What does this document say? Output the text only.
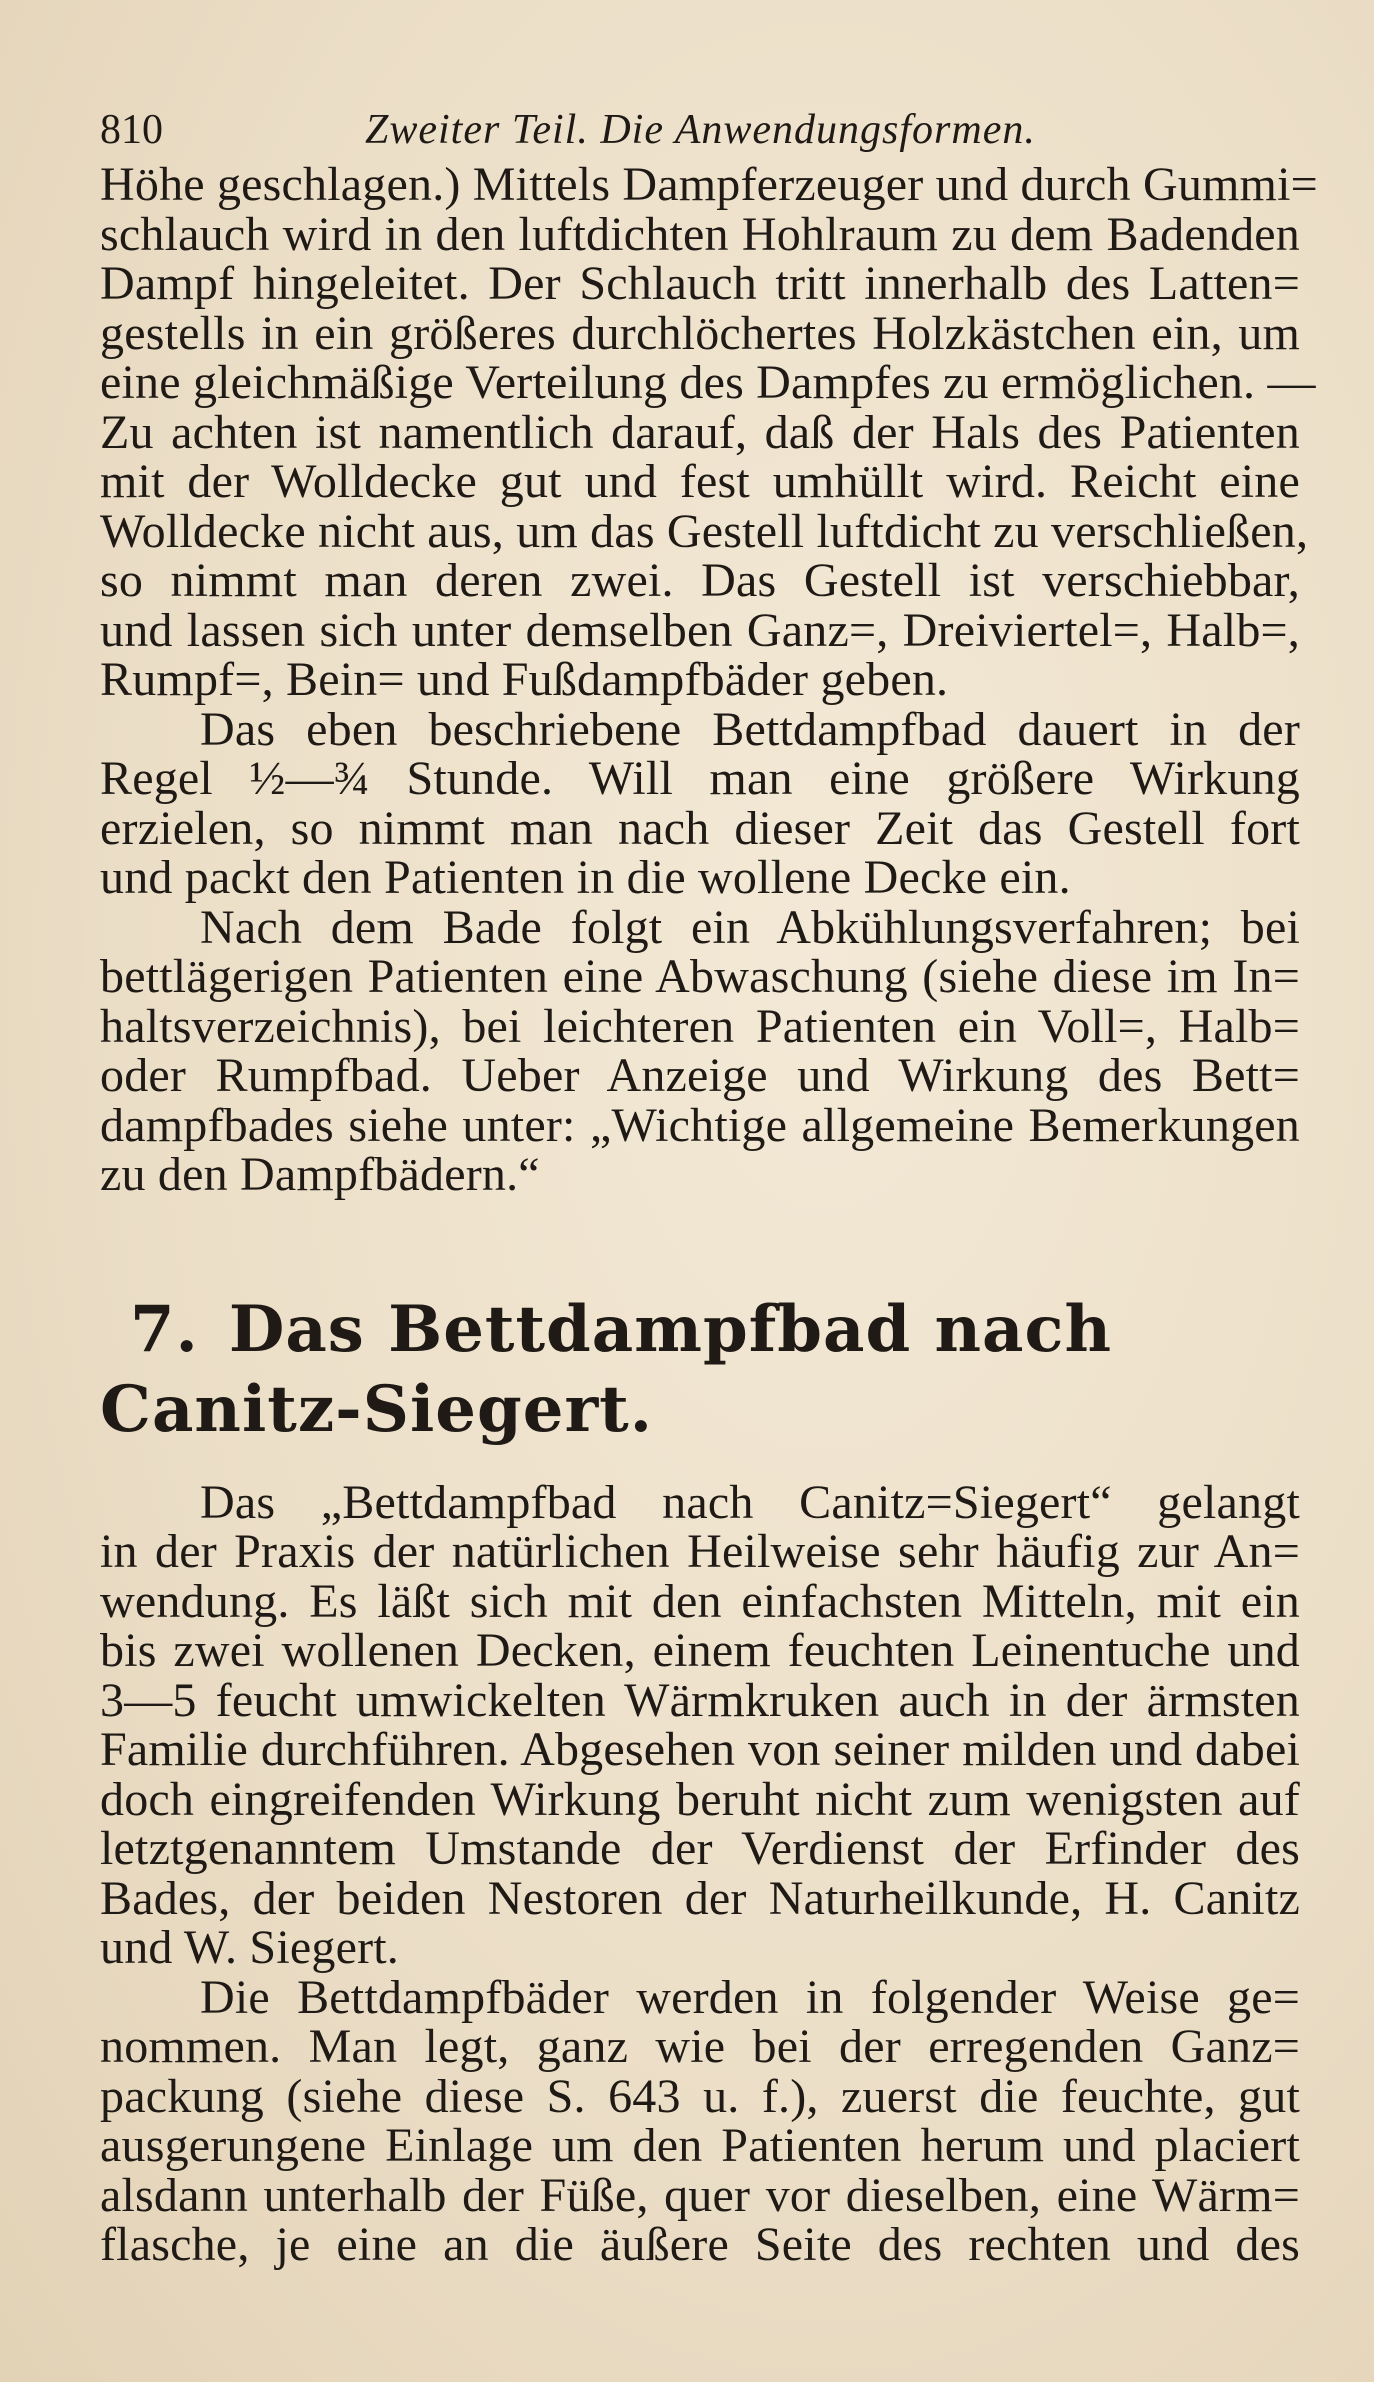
810	Zweiter Teil. Die Anwendungsformen.
Höhe geschlagen.) Mittels Dampferzeuger und durch Gummi=
schlauch wird in den luftdichten Hohlraum zu dem Badenden
Dampf hingeleitet. Der Schlauch tritt innerhalb des Latten=
gestells in ein größeres durchlöchertes Holzkästchen ein, um
eine gleichmäßige Verteilung des Dampfes zu ermöglichen. —
Zu achten ist namentlich darauf, daß der Hals des Patienten
mit der Wolldecke gut und fest umhüllt wird. Reicht eine
Wolldecke nicht aus, um das Gestell luftdicht zu verschließen,
so nimmt man deren zwei. Das Gestell ist verschiebbar,
und lassen sich unter demselben Ganz=, Dreiviertel=, Halb=,
Rumpf=, Bein= und Fußdampfbäder geben.
Das eben beschriebene Bettdampfbad dauert in der
Regel ½—¾ Stunde. Will man eine größere Wirkung
erzielen, so nimmt man nach dieser Zeit das Gestell fort
und packt den Patienten in die wollene Decke ein.
Nach dem Bade folgt ein Abkühlungsverfahren; bei
bettlägerigen Patienten eine Abwaschung (siehe diese im In=
haltsverzeichnis), bei leichteren Patienten ein Voll=, Halb=
oder Rumpfbad. Ueber Anzeige und Wirkung des Bett=
dampfbades siehe unter: „Wichtige allgemeine Bemerkungen
zu den Dampfbädern.“
7. Das Bettdampfbad nach Canitz-Siegert.
Das „Bettdampfbad nach Canitz=Siegert“ gelangt
in der Praxis der natürlichen Heilweise sehr häufig zur An=
wendung. Es läßt sich mit den einfachsten Mitteln, mit ein
bis zwei wollenen Decken, einem feuchten Leinentuche und
3—5 feucht umwickelten Wärmkruken auch in der ärmsten
Familie durchführen. Abgesehen von seiner milden und dabei
doch eingreifenden Wirkung beruht nicht zum wenigsten auf
letztgenanntem Umstande der Verdienst der Erfinder des
Bades, der beiden Nestoren der Naturheilkunde, H. Canitz
und W. Siegert.
Die Bettdampfbäder werden in folgender Weise ge=
nommen. Man legt, ganz wie bei der erregenden Ganz=
packung (siehe diese S. 643 u. f.), zuerst die feuchte, gut
ausgerungene Einlage um den Patienten herum und placiert
alsdann unterhalb der Füße, quer vor dieselben, eine Wärm=
flasche, je eine an die äußere Seite des rechten und des
